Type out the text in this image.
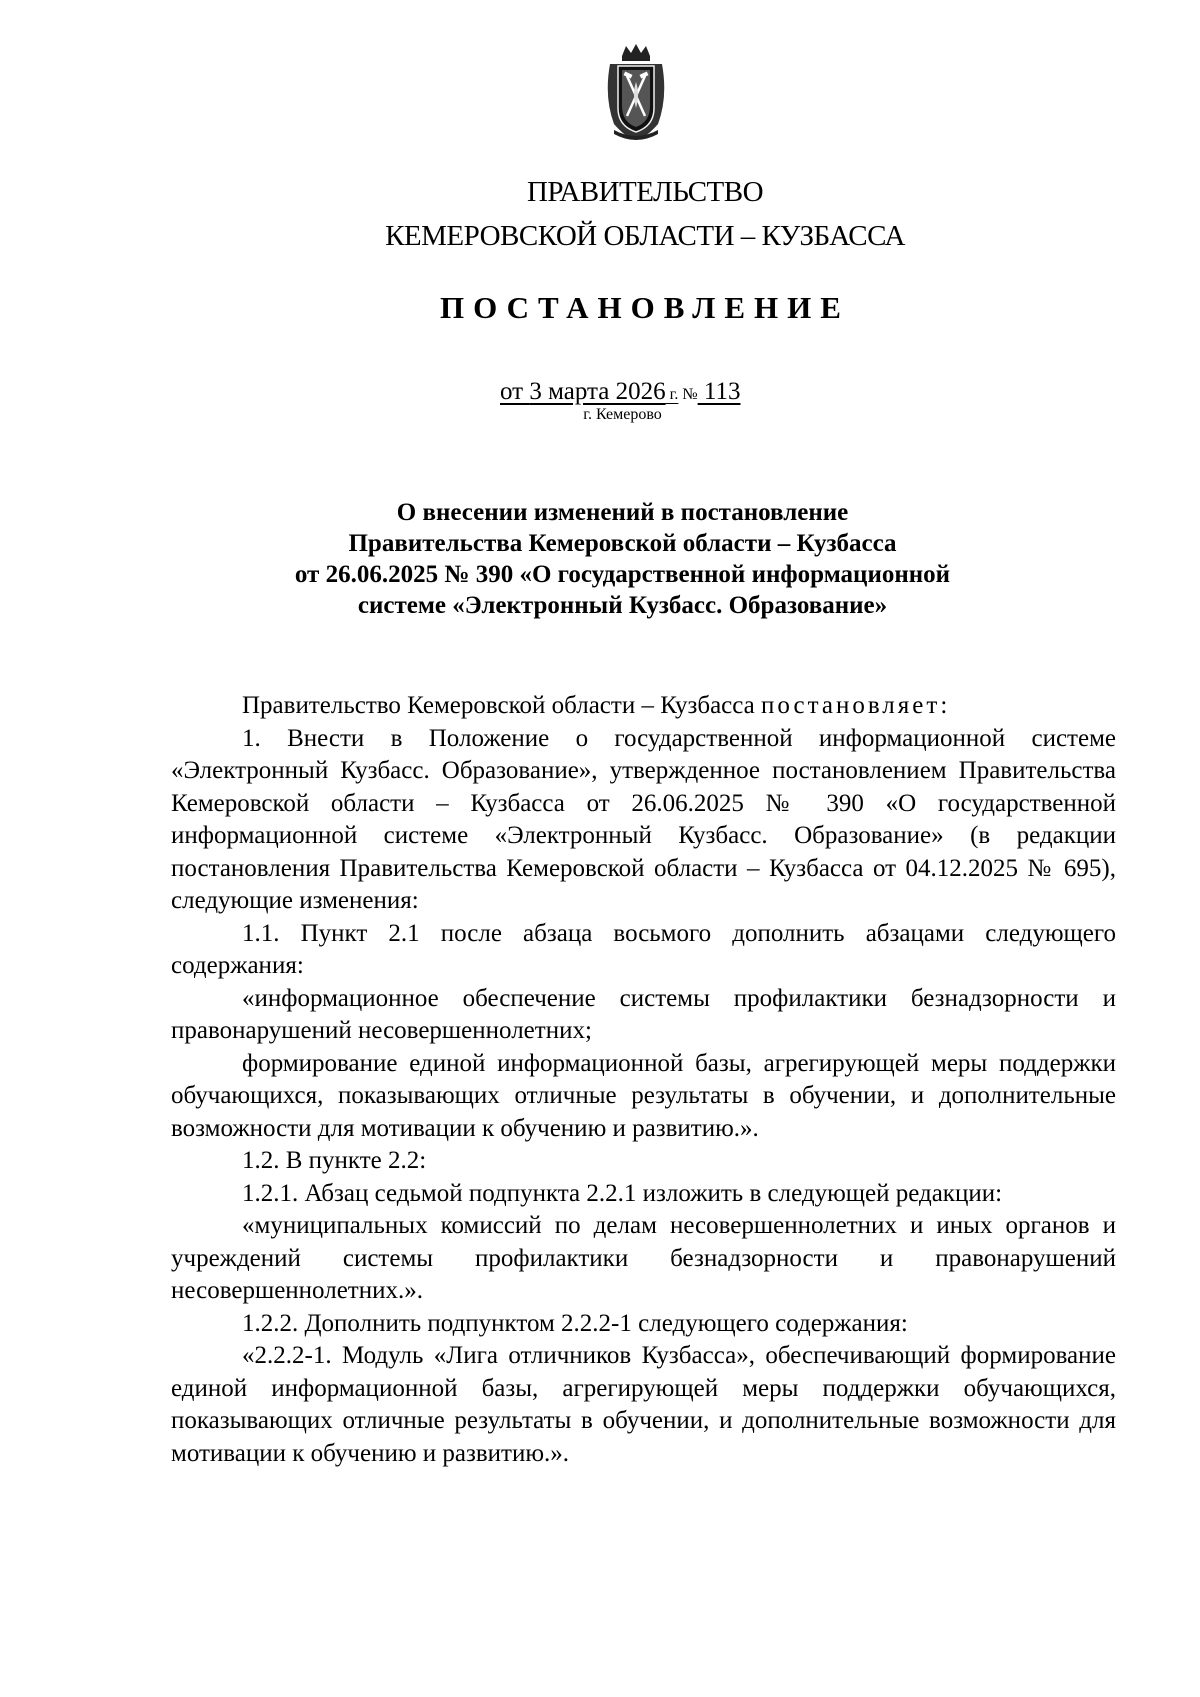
ПРАВИТЕЛЬСТВО
КЕМЕРОВСКОЙ ОБЛАСТИ – КУЗБАССА
ПОСТАНОВЛЕНИЕ
от 3 марта 2026 г. № 113
г. Кемерово
О внесении изменений в постановление
Правительства Кемеровской области – Кузбасса
от 26.06.2025 № 390 «О государственной информационной
системе «Электронный Кузбасс. Образование»

Правительство Кемеровской области – Кузбасса постановляет:

1. Внести в Положение о государственной информационной системе «Электронный Кузбасс. Образование», утвержденное постановлением Правительства Кемеровской области – Кузбасса от 26.06.2025 № 390 «О государственной информационной системе «Электронный Кузбасс. Образование» (в редакции постановления Правительства Кемеровской области – Кузбасса от 04.12.2025 № 695), следующие изменения:

1.1. Пункт 2.1 после абзаца восьмого дополнить абзацами следующего содержания:

«информационное обеспечение системы профилактики безнадзорности и правонарушений несовершеннолетних;

формирование единой информационной базы, агрегирующей меры поддержки обучающихся, показывающих отличные результаты в обучении, и дополнительные возможности для мотивации к обучению и развитию.».

1.2. В пункте 2.2:

1.2.1. Абзац седьмой подпункта 2.2.1 изложить в следующей редакции:

«муниципальных комиссий по делам несовершеннолетних и иных органов и учреждений системы профилактики безнадзорности и правонарушений несовершеннолетних.».

1.2.2. Дополнить подпунктом 2.2.2-1 следующего содержания:

«2.2.2-1. Модуль «Лига отличников Кузбасса», обеспечивающий формирование единой информационной базы, агрегирующей меры поддержки обучающихся, показывающих отличные результаты в обучении, и дополнительные возможности для мотивации к обучению и развитию.».
